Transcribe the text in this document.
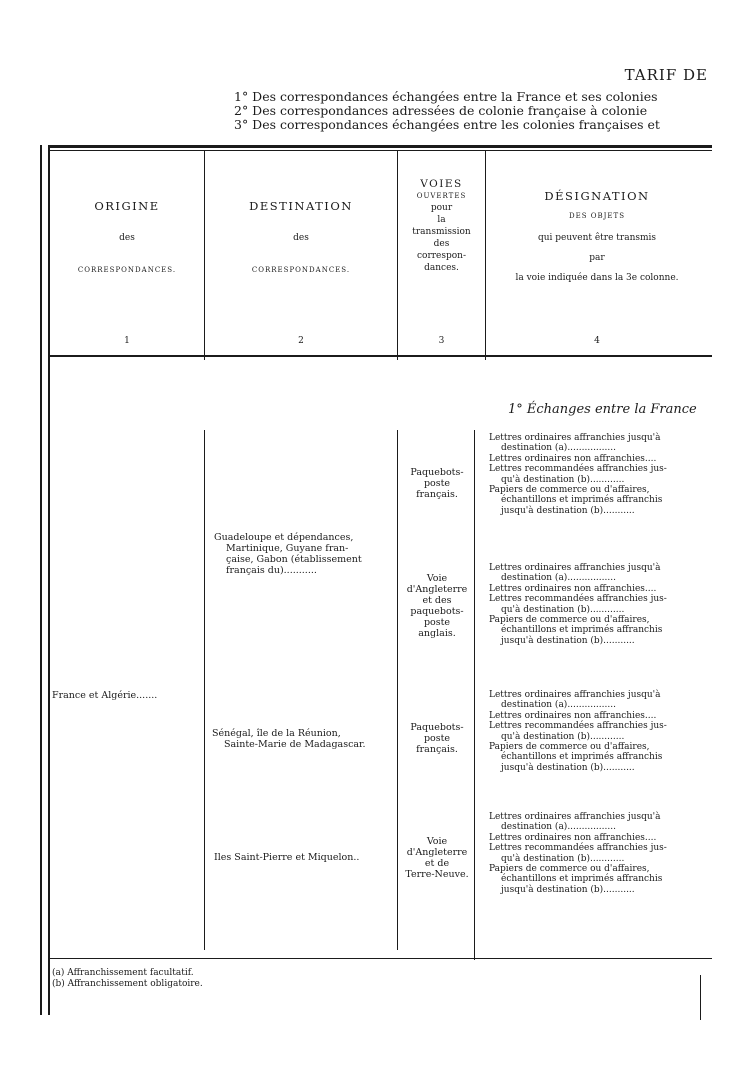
TARIF DE
1° Des correspondances échangées entre la France et ses colonies
2° Des correspondances adressées de colonie française à colonie
3° Des correspondances échangées entre les colonies françaises et
ORIGINE
des
CORRESPONDANCES.
1
DESTINATION
des
CORRESPONDANCES.
2
VOIES
OUVERTES
pour
la
transmission
des
correspon-
dances.
3
DÉSIGNATION
DES OBJETS
qui peuvent être transmis
par
la voie indiquée dans la 3e colonne.
4
1° Échanges entre la France
France et Algérie.......
Guadeloupe et dépendances,
Martinique, Guyane fran-
çaise, Gabon (établissement
français du)...........
Sénégal, île de la Réunion,
Sainte-Marie de Madagascar.
Iles Saint-Pierre et Miquelon..
Paquebots-
poste
français.
Voie
d'Angleterre
et des
paquebots-
poste
anglais.
Paquebots-
poste
français.
Voie
d'Angleterre
et de
Terre-Neuve.
Lettres ordinaires affranchies jusqu'à
destination (a).................
Lettres ordinaires non affranchies....
Lettres recommandées affranchies jus-
qu'à destination (b)............
Papiers de commerce ou d'affaires,
échantillons et imprimés affranchis
jusqu'à destination (b)...........
Lettres ordinaires affranchies jusqu'à
destination (a).................
Lettres ordinaires non affranchies....
Lettres recommandées affranchies jus-
qu'à destination (b)............
Papiers de commerce ou d'affaires,
échantillons et imprimés affranchis
jusqu'à destination (b)...........
Lettres ordinaires affranchies jusqu'à
destination (a).................
Lettres ordinaires non affranchies....
Lettres recommandées affranchies jus-
qu'à destination (b)............
Papiers de commerce ou d'affaires,
échantillons et imprimés affranchis
jusqu'à destination (b)...........
Lettres ordinaires affranchies jusqu'à
destination (a).................
Lettres ordinaires non affranchies....
Lettres recommandées affranchies jus-
qu'à destination (b)............
Papiers de commerce ou d'affaires,
échantillons et imprimés affranchis
jusqu'à destination (b)...........
(a) Affranchissement facultatif.
(b) Affranchissement obligatoire.
